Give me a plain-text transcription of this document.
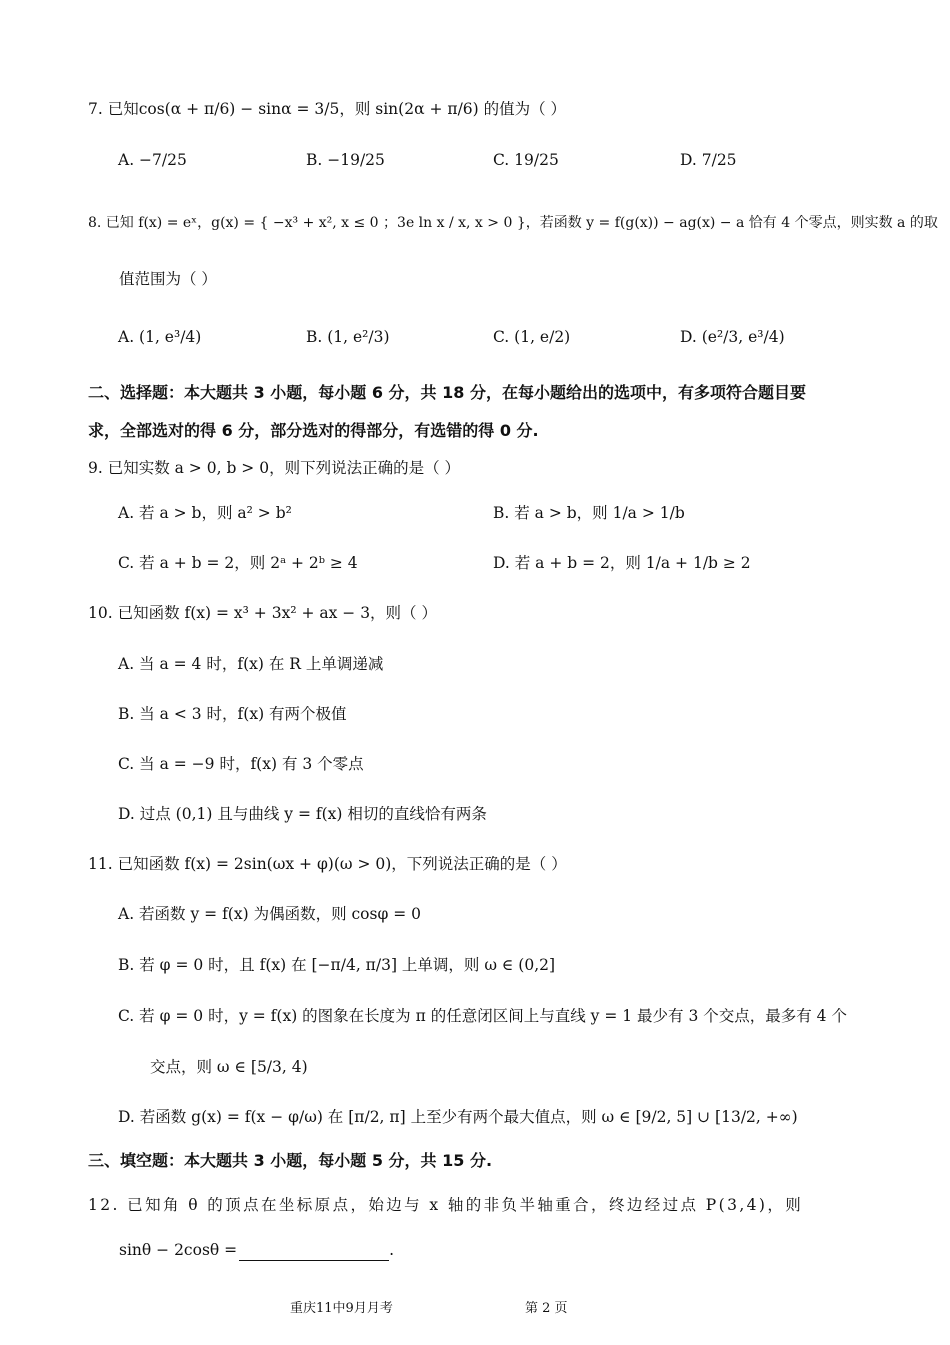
7. 已知cos(α + π/6) − sinα = 3/5，则 sin(2α + π/6) 的值为（ ）
A. −7/25	B. −19/25	C. 19/25	D. 7/25
8. 已知 f(x) = eˣ，g(x) = { −x³ + x², x ≤ 0 ；3e ln x / x, x > 0 }，若函数 y = f(g(x)) − ag(x) − a 恰有 4 个零点，则实数 a 的取
值范围为（ ）
A. (1, e³/4)	B. (1, e²/3)	C. (1, e/2)	D. (e²/3, e³/4)
二、选择题：本大题共 3 小题，每小题 6 分，共 18 分，在每小题给出的选项中，有多项符合题目要
求，全部选对的得 6 分，部分选对的得部分，有选错的得 0 分.
9. 已知实数 a > 0, b > 0，则下列说法正确的是（ ）
A. 若 a > b，则 a² > b²	B. 若 a > b，则 1/a > 1/b
C. 若 a + b = 2，则 2ᵃ + 2ᵇ ≥ 4	D. 若 a + b = 2，则 1/a + 1/b ≥ 2
10. 已知函数 f(x) = x³ + 3x² + ax − 3，则（ ）
A. 当 a = 4 时，f(x) 在 R 上单调递减
B. 当 a < 3 时，f(x) 有两个极值
C. 当 a = −9 时，f(x) 有 3 个零点
D. 过点 (0,1) 且与曲线 y = f(x) 相切的直线恰有两条
11. 已知函数 f(x) = 2sin(ωx + φ)(ω > 0)，下列说法正确的是（ ）
A. 若函数 y = f(x) 为偶函数，则 cosφ = 0
B. 若 φ = 0 时，且 f(x) 在 [−π/4, π/3] 上单调，则 ω ∈ (0,2]
C. 若 φ = 0 时，y = f(x) 的图象在长度为 π 的任意闭区间上与直线 y = 1 最少有 3 个交点，最多有 4 个
交点，则 ω ∈ [5/3, 4)
D. 若函数 g(x) = f(x − φ/ω) 在 [π/2, π] 上至少有两个最大值点，则 ω ∈ [9/2, 5] ∪ [13/2, +∞)
三、填空题：本大题共 3 小题，每小题 5 分，共 15 分.
12. 已知角 θ 的顶点在坐标原点，始边与 x 轴的非负半轴重合，终边经过点 P(3,4)，则
sinθ − 2cosθ =	.
重庆11中9月月考	第 2 页
